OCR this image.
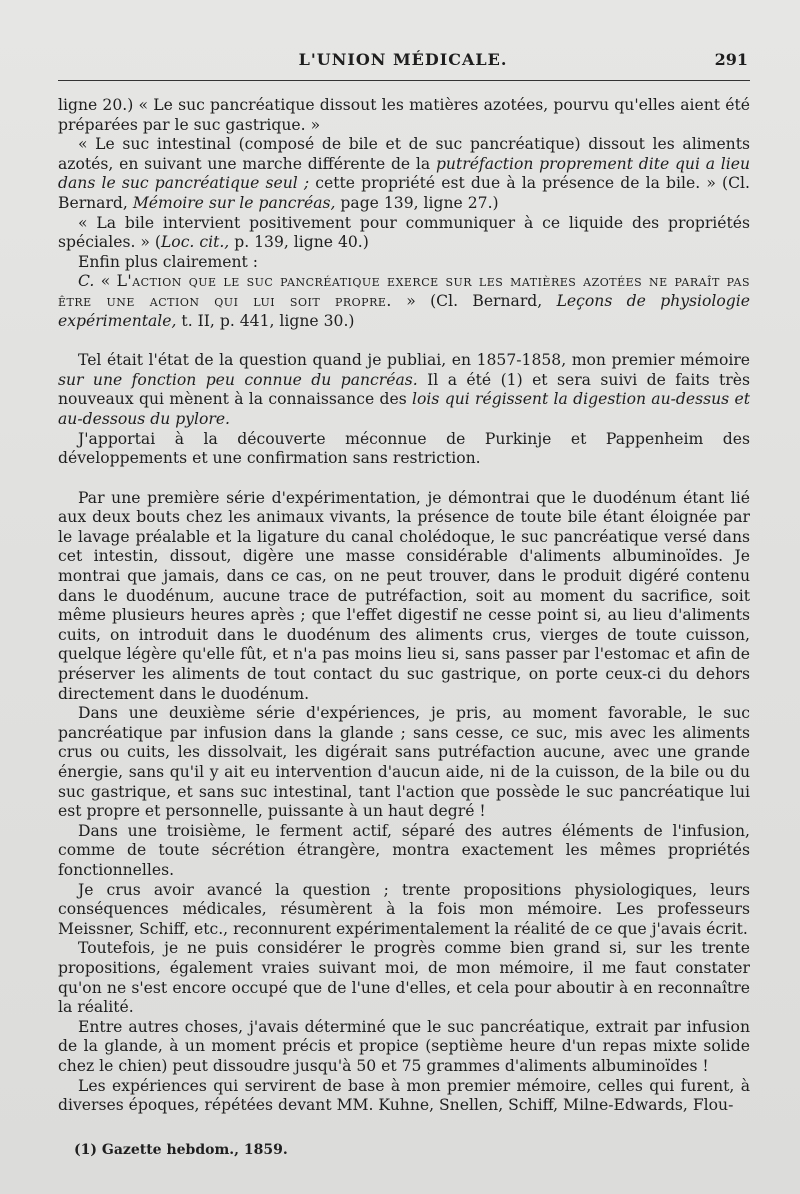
L'UNION MÉDICALE.	291

ligne 20.) « Le suc pancréatique dissout les matières azotées, pourvu qu'elles aient été préparées par le suc gastrique. »

« Le suc intestinal (composé de bile et de suc pancréatique) dissout les aliments azotés, en suivant une marche différente de la putréfaction proprement dite qui a lieu dans le suc pancréatique seul ; cette propriété est due à la présence de la bile. » (Cl. Bernard, Mémoire sur le pancréas, page 139, ligne 27.)

« La bile intervient positivement pour communiquer à ce liquide des propriétés spéciales. » (Loc. cit., p. 139, ligne 40.)

Enfin plus clairement :

C. « L'action que le suc pancréatique exerce sur les matières azotées ne paraît pas être une action qui lui soit propre. » (Cl. Bernard, Leçons de physiologie expérimentale, t. II, p. 441, ligne 30.)

Tel était l'état de la question quand je publiai, en 1857-1858, mon premier mémoire sur une fonction peu connue du pancréas. Il a été (1) et sera suivi de faits très nouveaux qui mènent à la connaissance des lois qui régissent la digestion au-dessus et au-dessous du pylore.

J'apportai à la découverte méconnue de Purkinje et Pappenheim des développements et une confirmation sans restriction.

Par une première série d'expérimentation, je démontrai que le duodénum étant lié aux deux bouts chez les animaux vivants, la présence de toute bile étant éloignée par le lavage préalable et la ligature du canal cholédoque, le suc pancréatique versé dans cet intestin, dissout, digère une masse considérable d'aliments albuminoïdes. Je montrai que jamais, dans ce cas, on ne peut trouver, dans le produit digéré contenu dans le duodénum, aucune trace de putréfaction, soit au moment du sacrifice, soit même plusieurs heures après ; que l'effet digestif ne cesse point si, au lieu d'aliments cuits, on introduit dans le duodénum des aliments crus, vierges de toute cuisson, quelque légère qu'elle fût, et n'a pas moins lieu si, sans passer par l'estomac et afin de préserver les aliments de tout contact du suc gastrique, on porte ceux-ci du dehors directement dans le duodénum.

Dans une deuxième série d'expériences, je pris, au moment favorable, le suc pancréatique par infusion dans la glande ; sans cesse, ce suc, mis avec les aliments crus ou cuits, les dissolvait, les digérait sans putréfaction aucune, avec une grande énergie, sans qu'il y ait eu intervention d'aucun aide, ni de la cuisson, de la bile ou du suc gastrique, et sans suc intestinal, tant l'action que possède le suc pancréatique lui est propre et personnelle, puissante à un haut degré !

Dans une troisième, le ferment actif, séparé des autres éléments de l'infusion, comme de toute sécrétion étrangère, montra exactement les mêmes propriétés fonctionnelles.

Je crus avoir avancé la question ; trente propositions physiologiques, leurs conséquences médicales, résumèrent à la fois mon mémoire. Les professeurs Meissner, Schiff, etc., reconnurent expérimentalement la réalité de ce que j'avais écrit.

Toutefois, je ne puis considérer le progrès comme bien grand si, sur les trente propositions, également vraies suivant moi, de mon mémoire, il me faut constater qu'on ne s'est encore occupé que de l'une d'elles, et cela pour aboutir à en reconnaître la réalité.

Entre autres choses, j'avais déterminé que le suc pancréatique, extrait par infusion de la glande, à un moment précis et propice (septième heure d'un repas mixte solide chez le chien) peut dissoudre jusqu'à 50 et 75 grammes d'aliments albuminoïdes !

Les expériences qui servirent de base à mon premier mémoire, celles qui furent, à diverses époques, répétées devant MM. Kuhne, Snellen, Schiff, Milne-Edwards, Flou-

(1) Gazette hebdom., 1859.
